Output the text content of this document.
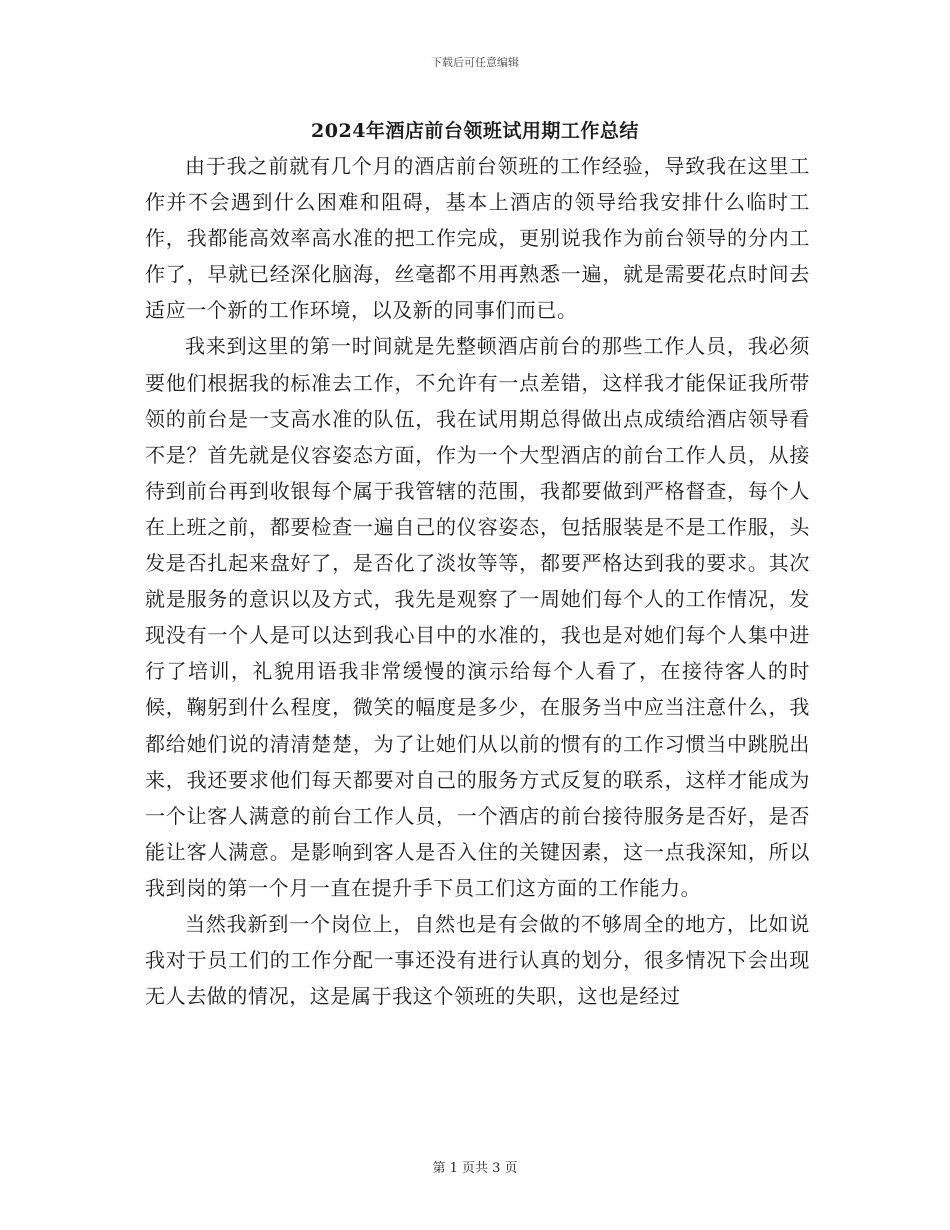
下载后可任意编辑
2024年酒店前台领班试用期工作总结

由于我之前就有几个月的酒店前台领班的工作经验，导致我在这里工作并不会遇到什么困难和阻碍，基本上酒店的领导给我安排什么临时工作，我都能高效率高水准的把工作完成，更别说我作为前台领导的分内工作了，早就已经深化脑海，丝毫都不用再熟悉一遍，就是需要花点时间去适应一个新的工作环境，以及新的同事们而已。

我来到这里的第一时间就是先整顿酒店前台的那些工作人员，我必须要他们根据我的标准去工作，不允许有一点差错，这样我才能保证我所带领的前台是一支高水准的队伍，我在试用期总得做出点成绩给酒店领导看不是？首先就是仪容姿态方面，作为一个大型酒店的前台工作人员，从接待到前台再到收银每个属于我管辖的范围，我都要做到严格督查，每个人在上班之前，都要检查一遍自己的仪容姿态，包括服装是不是工作服，头发是否扎起来盘好了，是否化了淡妆等等，都要严格达到我的要求。其次就是服务的意识以及方式，我先是观察了一周她们每个人的工作情况，发现没有一个人是可以达到我心目中的水准的，我也是对她们每个人集中进行了培训，礼貌用语我非常缓慢的演示给每个人看了，在接待客人的时候，鞠躬到什么程度，微笑的幅度是多少，在服务当中应当注意什么，我都给她们说的清清楚楚，为了让她们从以前的惯有的工作习惯当中跳脱出来，我还要求他们每天都要对自己的服务方式反复的联系，这样才能成为一个让客人满意的前台工作人员，一个酒店的前台接待服务是否好，是否能让客人满意。是影响到客人是否入住的关键因素，这一点我深知，所以我到岗的第一个月一直在提升手下员工们这方面的工作能力。

当然我新到一个岗位上，自然也是有会做的不够周全的地方，比如说我对于员工们的工作分配一事还没有进行认真的划分，很多情况下会出现无人去做的情况，这是属于我这个领班的失职，这也是经过

第 1 页共 3 页
